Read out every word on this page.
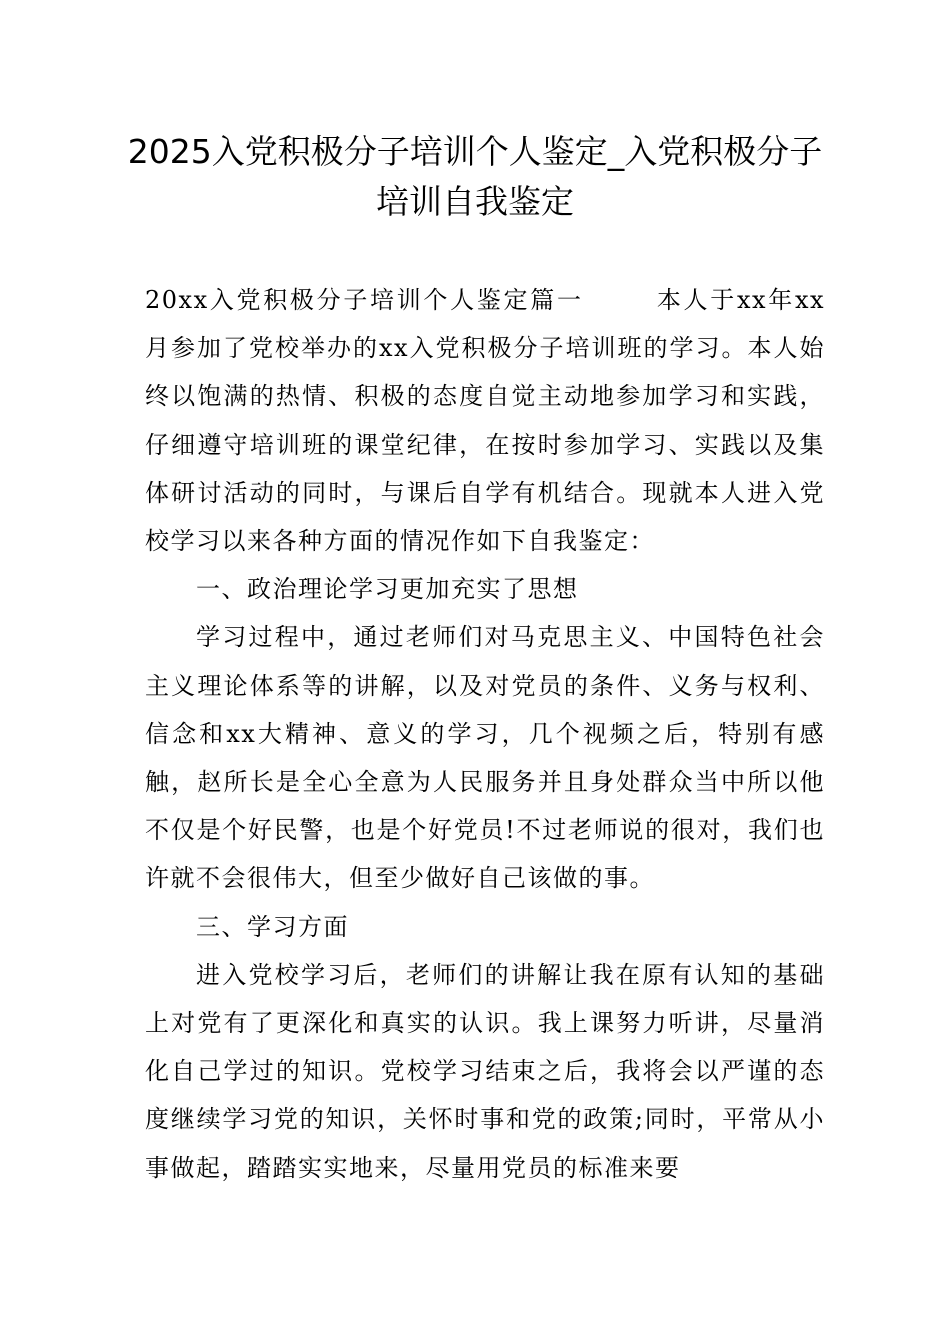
2025入党积极分子培训个人鉴定_入党积极分子培训自我鉴定

20xx入党积极分子培训个人鉴定篇一	本人于xx年xx月参加了党校举办的xx入党积极分子培训班的学习。本人始终以饱满的热情、积极的态度自觉主动地参加学习和实践，仔细遵守培训班的课堂纪律，在按时参加学习、实践以及集体研讨活动的同时，与课后自学有机结合。现就本人进入党校学习以来各种方面的情况作如下自我鉴定：

一、政治理论学习更加充实了思想

学习过程中，通过老师们对马克思主义、中国特色社会主义理论体系等的讲解，以及对党员的条件、义务与权利、信念和xx大精神、意义的学习，几个视频之后，特别有感触，赵所长是全心全意为人民服务并且身处群众当中所以他不仅是个好民警，也是个好党员!不过老师说的很对，我们也许就不会很伟大，但至少做好自己该做的事。

三、学习方面

进入党校学习后，老师们的讲解让我在原有认知的基础上对党有了更深化和真实的认识。我上课努力听讲，尽量消化自己学过的知识。党校学习结束之后，我将会以严谨的态度继续学习党的知识，关怀时事和党的政策;同时，平常从小事做起，踏踏实实地来，尽量用党员的标准来要
